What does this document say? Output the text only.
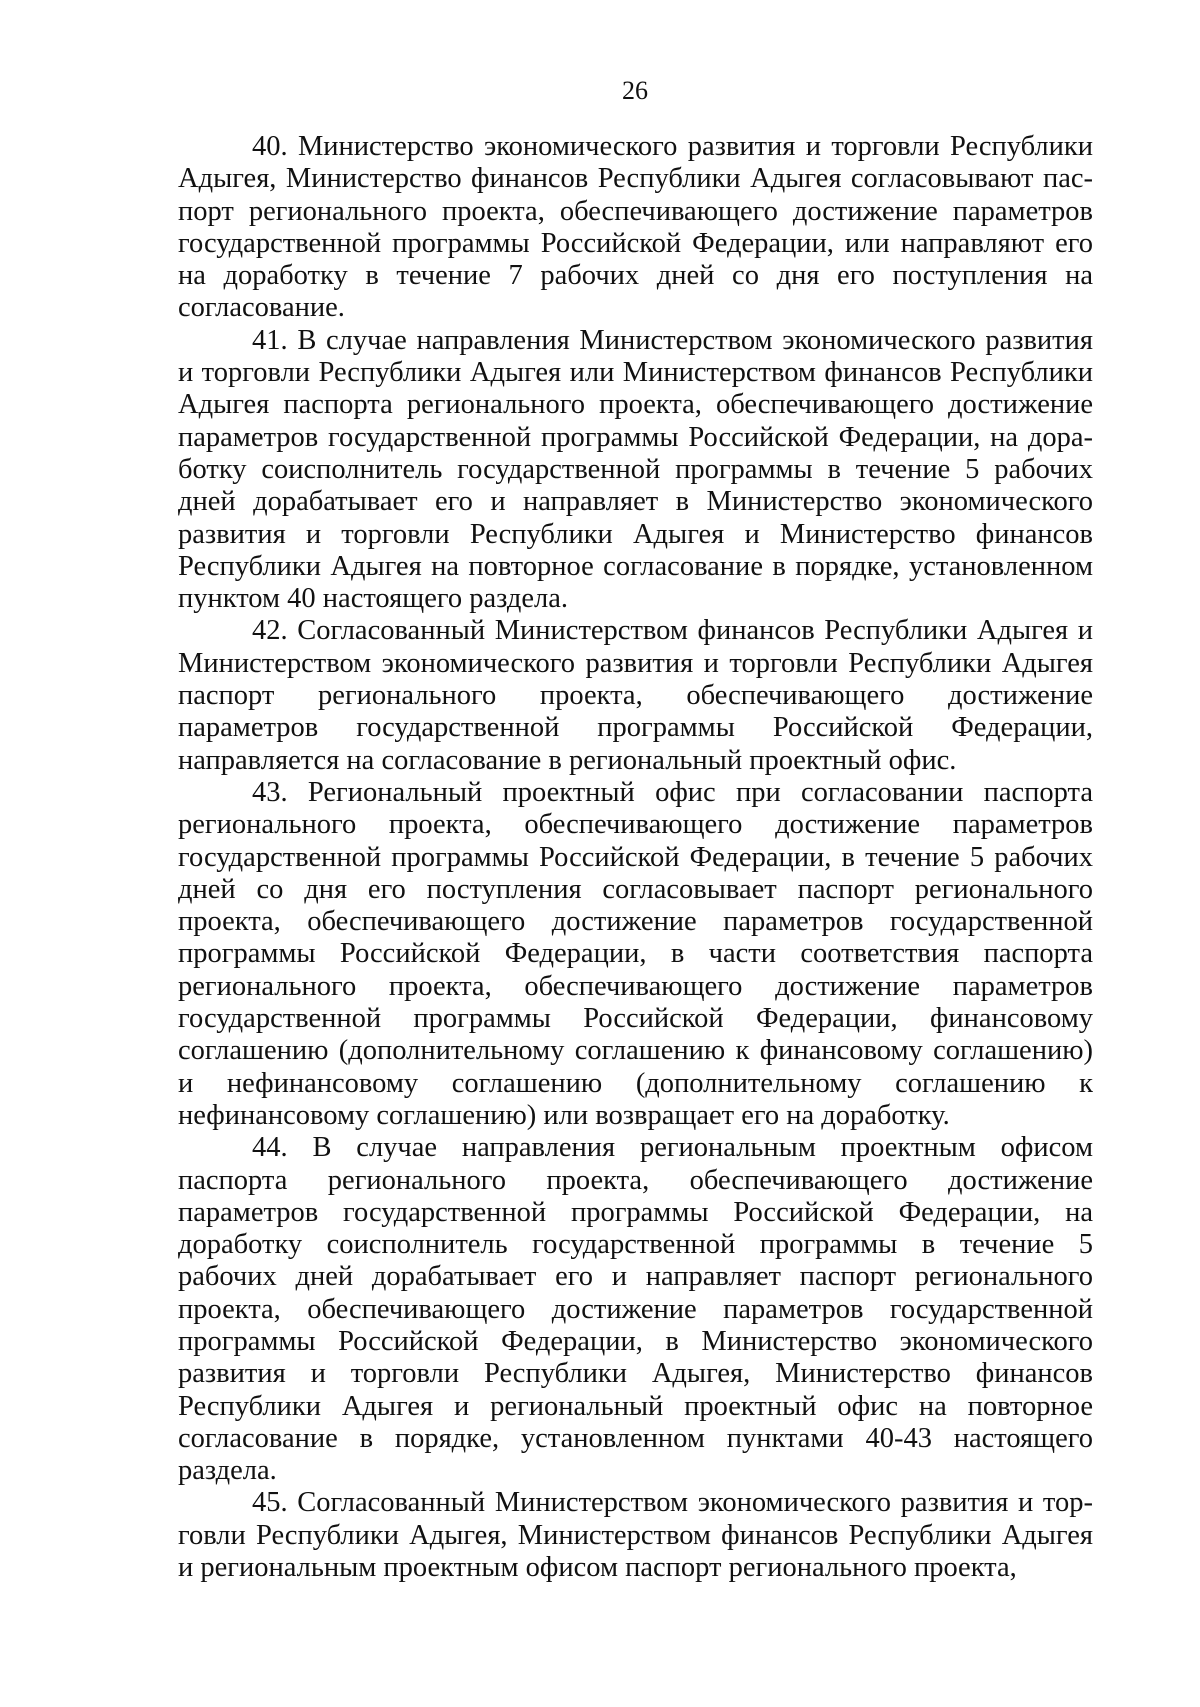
26

40. Министерство экономического развития и торговли Республики Адыгея, Министерство финансов Республики Адыгея согласовывают паспорт регионального проекта, обеспечивающего достижение параметров государственной программы Российской Федерации, или направляют его на доработку в течение 7 рабочих дней со дня его поступления на согласование.

41. В случае направления Министерством экономического развития и торговли Республики Адыгея или Министерством финансов Республики Адыгея паспорта регионального проекта, обеспечивающего достижение параметров государственной программы Российской Федерации, на доработку соисполнитель государственной программы в течение 5 рабочих дней дорабатывает его и направляет в Министерство экономического развития и торговли Республики Адыгея и Министерство финансов Республики Адыгея на повторное согласование в порядке, установленном пунктом 40 настоящего раздела.

42. Согласованный Министерством финансов Республики Адыгея и Министерством экономического развития и торговли Республики Адыгея паспорт регионального проекта, обеспечивающего достижение параметров государственной программы Российской Федерации, направляется на согласование в региональный проектный офис.

43. Региональный проектный офис при согласовании паспорта регионального проекта, обеспечивающего достижение параметров государственной программы Российской Федерации, в течение 5 рабочих дней со дня его поступления согласовывает паспорт регионального проекта, обеспечивающего достижение параметров государственной программы Российской Федерации, в части соответствия паспорта регионального проекта, обеспечивающего достижение параметров государственной программы Российской Федерации, финансовому соглашению (дополнительному соглашению к финансовому соглашению) и нефинансовому соглашению (дополнительному соглашению к нефинансовому соглашению) или возвращает его на доработку.

44. В случае направления региональным проектным офисом паспорта регионального проекта, обеспечивающего достижение параметров государственной программы Российской Федерации, на доработку соисполнитель государственной программы в течение 5 рабочих дней дорабатывает его и направляет паспорт регионального проекта, обеспечивающего достижение параметров государственной программы Российской Федерации, в Министерство экономического развития и торговли Республики Адыгея, Министерство финансов Республики Адыгея и региональный проектный офис на повторное согласование в порядке, установленном пунктами 40-43 настоящего раздела.

45. Согласованный Министерством экономического развития и торговли Республики Адыгея, Министерством финансов Республики Адыгея и региональным проектным офисом паспорт регионального проекта,
